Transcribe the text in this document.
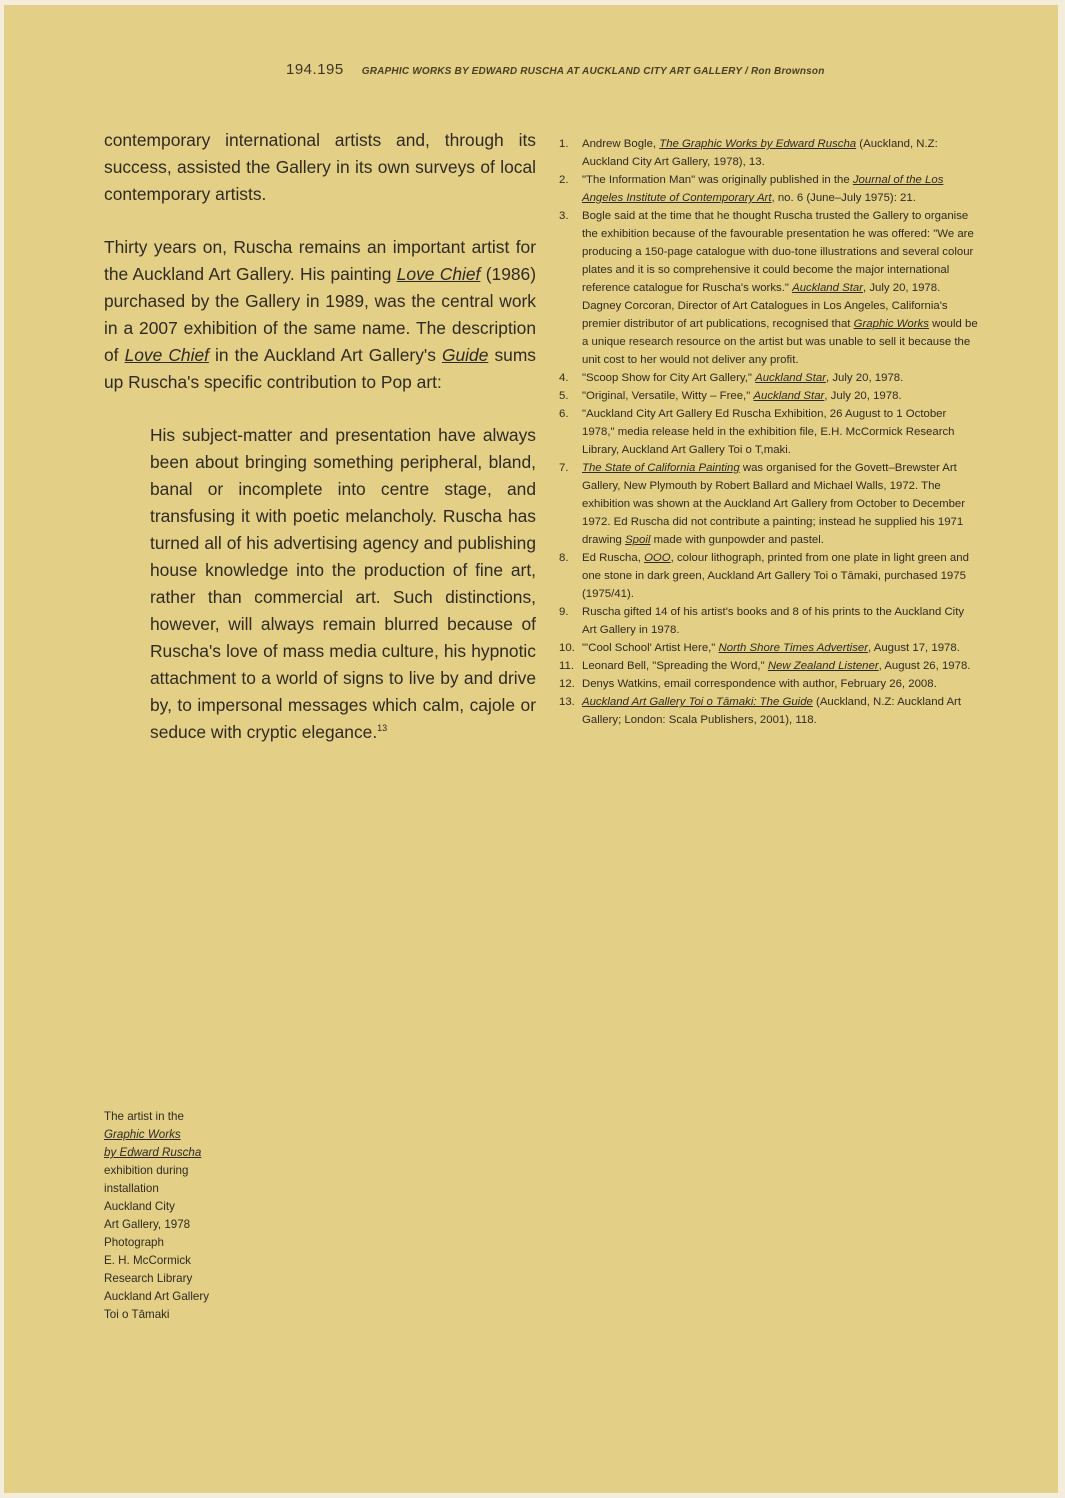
194.195 GRAPHIC WORKS BY EDWARD RUSCHA AT AUCKLAND CITY ART GALLERY / Ron Brownson

contemporary international artists and, through its success, assisted the Gallery in its own surveys of local contemporary artists.

Thirty years on, Ruscha remains an important artist for the Auckland Art Gallery. His painting Love Chief (1986) purchased by the Gallery in 1989, was the central work in a 2007 exhibition of the same name. The description of Love Chief in the Auckland Art Gallery's Guide sums up Ruscha's specific contribution to Pop art:

His subject-matter and presentation have always been about bringing something peripheral, bland, banal or incomplete into centre stage, and transfusing it with poetic melancholy. Ruscha has turned all of his advertising agency and publishing house knowledge into the production of fine art, rather than commercial art. Such distinctions, however, will always remain blurred because of Ruscha's love of mass media culture, his hypnotic attachment to a world of signs to live by and drive by, to impersonal messages which calm, cajole or seduce with cryptic elegance.$^{13}$

1. Andrew Bogle, The Graphic Works by Edward Ruscha (Auckland, N.Z: Auckland City Art Gallery, 1978), 13.
2. "The Information Man" was originally published in the Journal of the Los Angeles Institute of Contemporary Art, no. 6 (June–July 1975): 21.
3. Bogle said at the time that he thought Ruscha trusted the Gallery to organise the exhibition because of the favourable presentation he was offered: "We are producing a 150-page catalogue with duo-tone illustrations and several colour plates and it is so comprehensive it could become the major international reference catalogue for Ruscha's works." Auckland Star, July 20, 1978. Dagney Corcoran, Director of Art Catalogues in Los Angeles, California's premier distributor of art publications, recognised that Graphic Works would be a unique research resource on the artist but was unable to sell it because the unit cost to her would not deliver any profit.
4. "Scoop Show for City Art Gallery," Auckland Star, July 20, 1978.
5. "Original, Versatile, Witty – Free," Auckland Star, July 20, 1978.
6. "Auckland City Art Gallery Ed Ruscha Exhibition, 26 August to 1 October 1978," media release held in the exhibition file, E.H. McCormick Research Library, Auckland Art Gallery Toi o T,maki.
7. The State of California Painting was organised for the Govett–Brewster Art Gallery, New Plymouth by Robert Ballard and Michael Walls, 1972. The exhibition was shown at the Auckland Art Gallery from October to December 1972. Ed Ruscha did not contribute a painting; instead he supplied his 1971 drawing Spoil made with gunpowder and pastel.
8. Ed Ruscha, OOO, colour lithograph, printed from one plate in light green and one stone in dark green, Auckland Art Gallery Toi o Tāmaki, purchased 1975 (1975/41).
9. Ruscha gifted 14 of his artist's books and 8 of his prints to the Auckland City Art Gallery in 1978.
10. "'Cool School' Artist Here," North Shore Times Advertiser, August 17, 1978.
11. Leonard Bell, "Spreading the Word," New Zealand Listener, August 26, 1978.
12. Denys Watkins, email correspondence with author, February 26, 2008.
13. Auckland Art Gallery Toi o Tāmaki: The Guide (Auckland, N.Z: Auckland Art Gallery; London: Scala Publishers, 2001), 118.
The artist in the
Graphic Works
by Edward Ruscha
exhibition during
installation
Auckland City
Art Gallery, 1978
Photograph
E. H. McCormick
Research Library
Auckland Art Gallery
Toi o Tāmaki
